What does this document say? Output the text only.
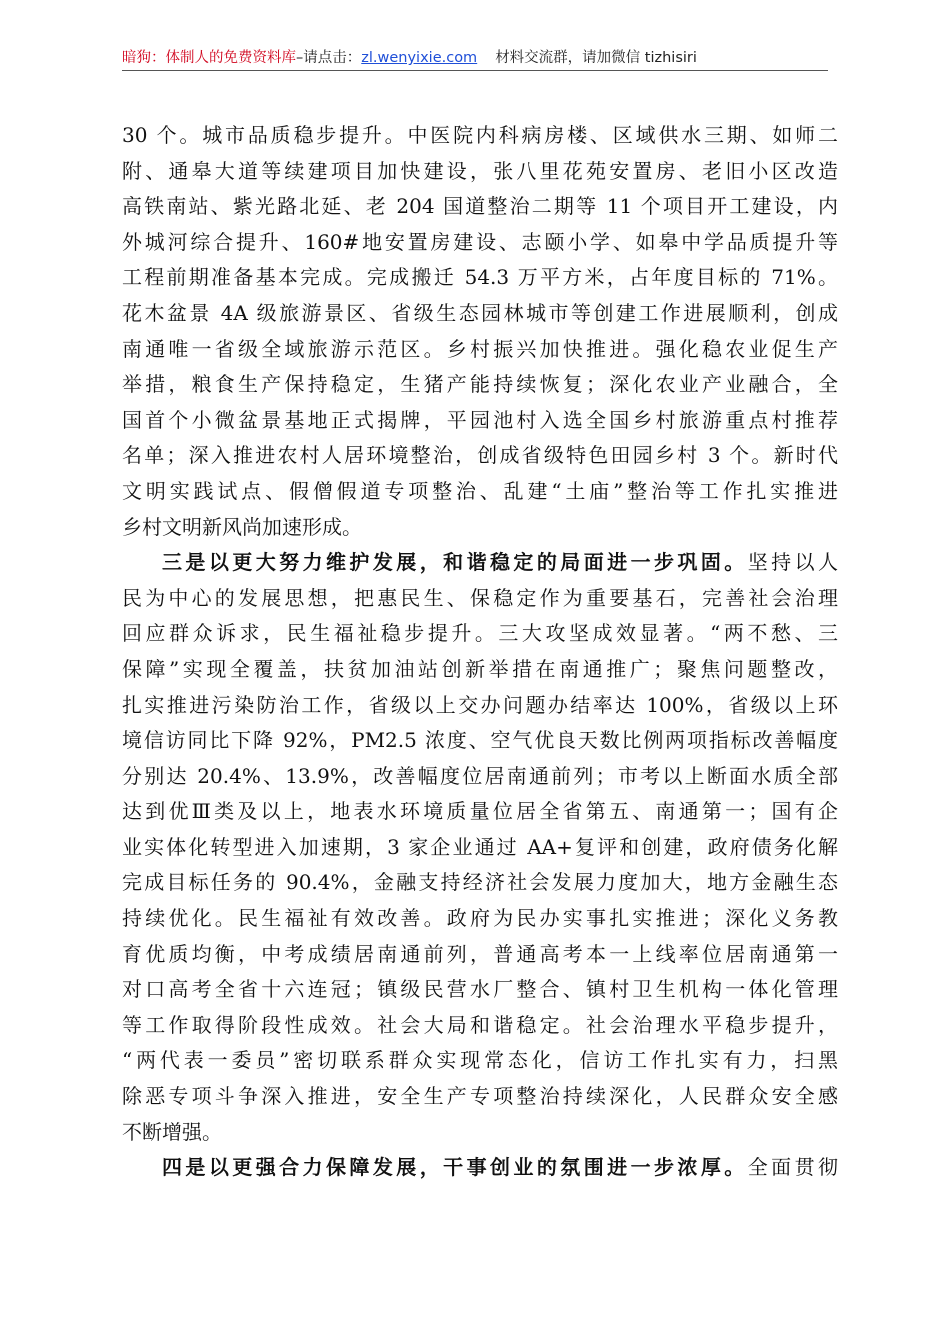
暗狗：体制人的免费资料库–请点击：zl.wenyixie.com 材料交流群，请加微信 tizhisiri
30 个。城市品质稳步提升。中医院内科病房楼、区域供水三期、如师二
附、通皋大道等续建项目加快建设，张八里花苑安置房、老旧小区改造
高铁南站、紫光路北延、老 204 国道整治二期等 11 个项目开工建设，内
外城河综合提升、160#地安置房建设、志颐小学、如皋中学品质提升等
工程前期准备基本完成。完成搬迁 54.3 万平方米，占年度目标的 71%。
花木盆景 4A 级旅游景区、省级生态园林城市等创建工作进展顺利，创成
南通唯一省级全域旅游示范区。乡村振兴加快推进。强化稳农业促生产
举措，粮食生产保持稳定，生猪产能持续恢复；深化农业产业融合，全
国首个小微盆景基地正式揭牌，平园池村入选全国乡村旅游重点村推荐
名单；深入推进农村人居环境整治，创成省级特色田园乡村 3 个。新时代
文明实践试点、假僧假道专项整治、乱建“土庙”整治等工作扎实推进
乡村文明新风尚加速形成。
三是以更大努力维护发展，和谐稳定的局面进一步巩固。坚持以人
民为中心的发展思想，把惠民生、保稳定作为重要基石，完善社会治理
回应群众诉求，民生福祉稳步提升。三大攻坚成效显著。“两不愁、三
保障”实现全覆盖，扶贫加油站创新举措在南通推广；聚焦问题整改，
扎实推进污染防治工作，省级以上交办问题办结率达 100%，省级以上环
境信访同比下降 92%，PM2.5 浓度、空气优良天数比例两项指标改善幅度
分别达 20.4%、13.9%，改善幅度位居南通前列；市考以上断面水质全部
达到优Ⅲ类及以上，地表水环境质量位居全省第五、南通第一；国有企
业实体化转型进入加速期，3 家企业通过 AA+复评和创建，政府债务化解
完成目标任务的 90.4%，金融支持经济社会发展力度加大，地方金融生态
持续优化。民生福祉有效改善。政府为民办实事扎实推进；深化义务教
育优质均衡，中考成绩居南通前列，普通高考本一上线率位居南通第一
对口高考全省十六连冠；镇级民营水厂整合、镇村卫生机构一体化管理
等工作取得阶段性成效。社会大局和谐稳定。社会治理水平稳步提升，
“两代表一委员”密切联系群众实现常态化，信访工作扎实有力，扫黑
除恶专项斗争深入推进，安全生产专项整治持续深化，人民群众安全感
不断增强。
四是以更强合力保障发展，干事创业的氛围进一步浓厚。全面贯彻
